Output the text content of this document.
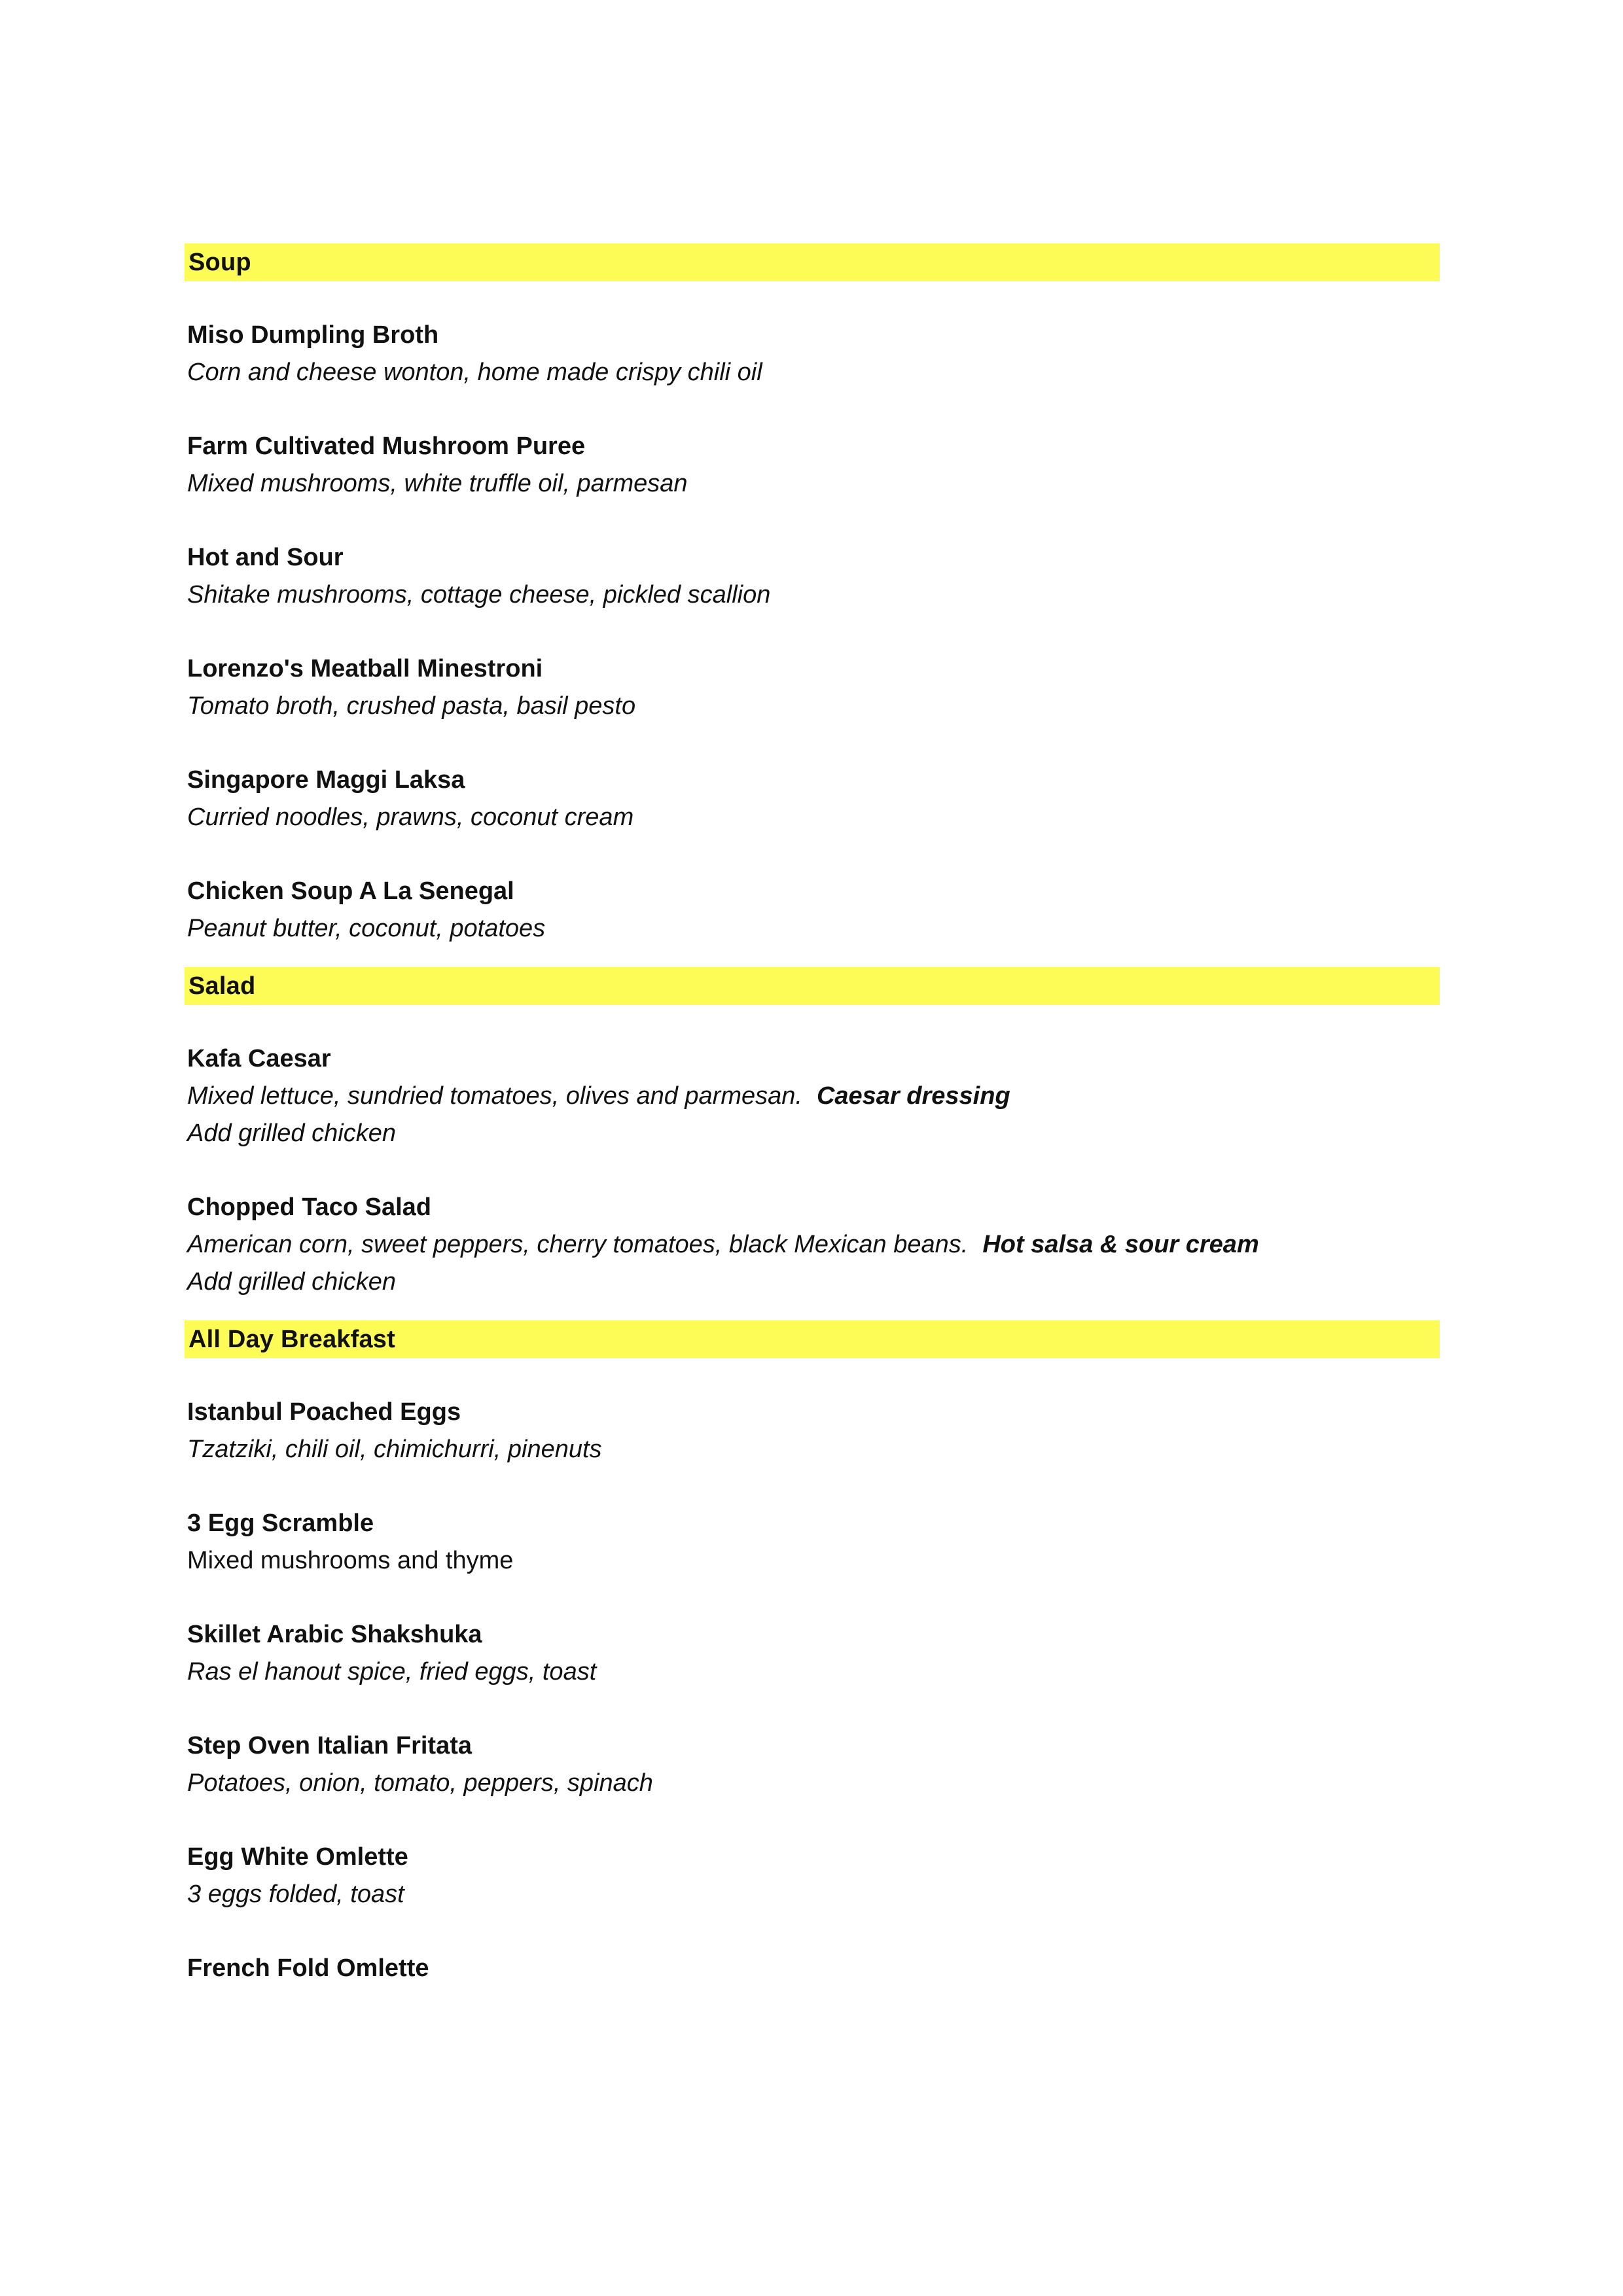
Soup
Miso Dumpling Broth
Corn and cheese wonton, home made crispy chili oil
Farm Cultivated Mushroom Puree
Mixed mushrooms, white truffle oil, parmesan
Hot and Sour
Shitake mushrooms, cottage cheese, pickled scallion
Lorenzo's Meatball Minestroni
Tomato broth, crushed pasta, basil pesto
Singapore Maggi Laksa
Curried noodles, prawns, coconut cream
Chicken Soup A La Senegal
Peanut butter, coconut, potatoes
Salad
Kafa Caesar
Mixed lettuce, sundried tomatoes, olives and parmesan. Caesar dressing
Add grilled chicken
Chopped Taco Salad
American corn, sweet peppers, cherry tomatoes, black Mexican beans. Hot salsa & sour cream
Add grilled chicken
All Day Breakfast
Istanbul Poached Eggs
Tzatziki, chili oil, chimichurri, pinenuts
3 Egg Scramble
Mixed mushrooms and thyme
Skillet Arabic Shakshuka
Ras el hanout spice, fried eggs, toast
Step Oven Italian Fritata
Potatoes, onion, tomato, peppers, spinach
Egg White Omlette
3 eggs folded, toast
French Fold Omlette
